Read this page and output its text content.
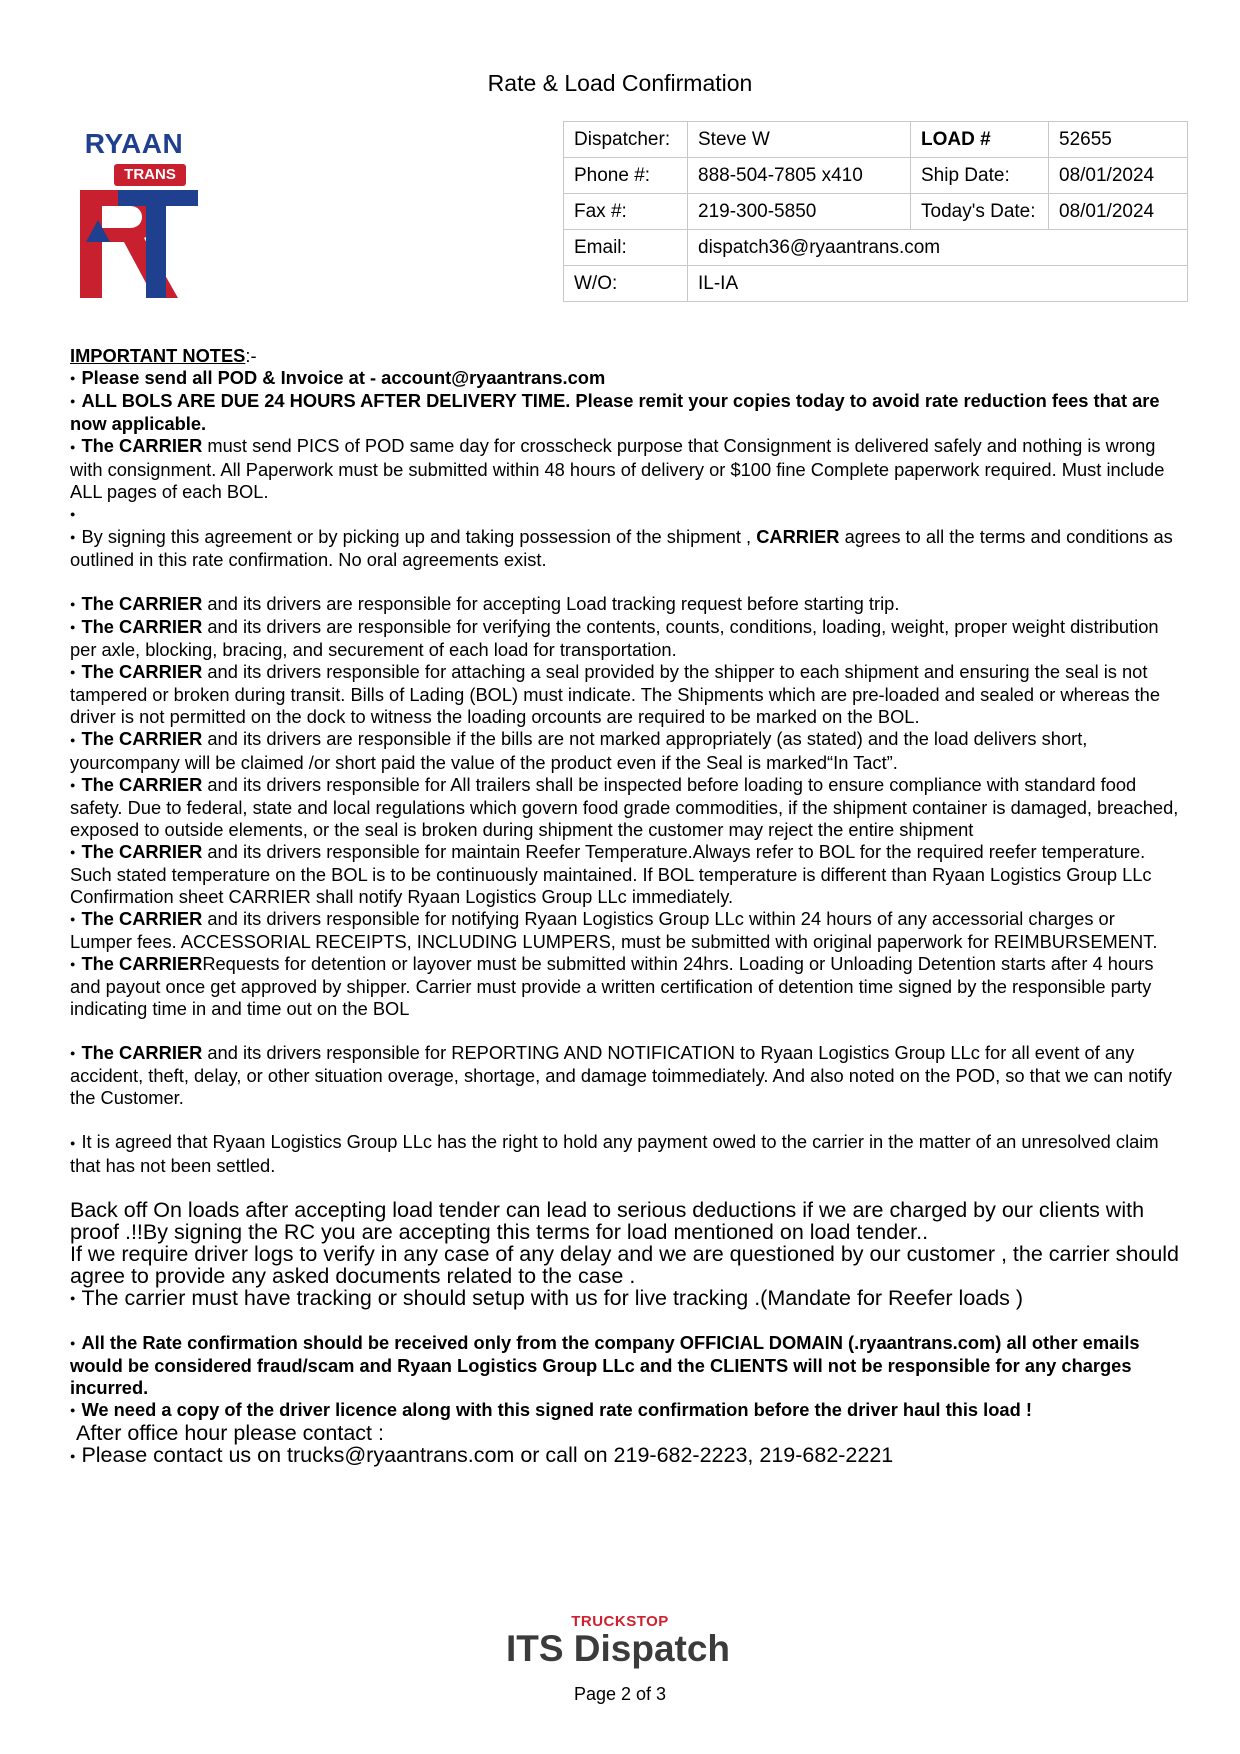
Rate & Load Confirmation
RYAAN
TRANS
Dispatcher:	Steve W	LOAD #	52655
Phone #:	888-504-7805 x410	Ship Date:	08/01/2024
Fax #:	219-300-5850	Today's Date:	08/01/2024
Email:	dispatch36@ryaantrans.com		
W/O:	IL-IA		

IMPORTANT NOTES:-

● Please send all POD & Invoice at - account@ryaantrans.com

● ALL BOLS ARE DUE 24 HOURS AFTER DELIVERY TIME. Please remit your copies today to avoid rate reduction fees that are now applicable.

● The CARRIER must send PICS of POD same day for crosscheck purpose that Consignment is delivered safely and nothing is wrong with consignment. All Paperwork must be submitted within 48 hours of delivery or $100 fine Complete paperwork required. Must include ALL pages of each BOL.

●

● By signing this agreement or by picking up and taking possession of the shipment , CARRIER agrees to all the terms and conditions as outlined in this rate confirmation. No oral agreements exist.

● The CARRIER and its drivers are responsible for accepting Load tracking request before starting trip.

● The CARRIER and its drivers are responsible for verifying the contents, counts, conditions, loading, weight, proper weight distribution per axle, blocking, bracing, and securement of each load for transportation.

● The CARRIER and its drivers responsible for attaching a seal provided by the shipper to each shipment and ensuring the seal is not tampered or broken during transit. Bills of Lading (BOL) must indicate. The Shipments which are pre-loaded and sealed or whereas the driver is not permitted on the dock to witness the loading orcounts are required to be marked on the BOL.

● The CARRIER and its drivers are responsible if the bills are not marked appropriately (as stated) and the load delivers short, yourcompany will be claimed /or short paid the value of the product even if the Seal is marked“In Tact”.

● The CARRIER and its drivers responsible for All trailers shall be inspected before loading to ensure compliance with standard food safety. Due to federal, state and local regulations which govern food grade commodities, if the shipment container is damaged, breached, exposed to outside elements, or the seal is broken during shipment the customer may reject the entire shipment

● The CARRIER and its drivers responsible for maintain Reefer Temperature.Always refer to BOL for the required reefer temperature. Such stated temperature on the BOL is to be continuously maintained. If BOL temperature is different than Ryaan Logistics Group LLc Confirmation sheet CARRIER shall notify Ryaan Logistics Group LLc immediately.

● The CARRIER and its drivers responsible for notifying Ryaan Logistics Group LLc within 24 hours of any accessorial charges or Lumper fees. ACCESSORIAL RECEIPTS, INCLUDING LUMPERS, must be submitted with original paperwork for REIMBURSEMENT.

● The CARRIERRequests for detention or layover must be submitted within 24hrs. Loading or Unloading Detention starts after 4 hours and payout once get approved by shipper. Carrier must provide a written certification of detention time signed by the responsible party indicating time in and time out on the BOL

● The CARRIER and its drivers responsible for REPORTING AND NOTIFICATION to Ryaan Logistics Group LLc for all event of any accident, theft, delay, or other situation overage, shortage, and damage toimmediately. And also noted on the POD, so that we can notify the Customer.

● It is agreed that Ryaan Logistics Group LLc has the right to hold any payment owed to the carrier in the matter of an unresolved claim that has not been settled.

Back off On loads after accepting load tender can lead to serious deductions if we are charged by our clients with proof .!!By signing the RC you are accepting this terms for load mentioned on load tender..

If we require driver logs to verify in any case of any delay and we are questioned by our customer , the carrier should agree to provide any asked documents related to the case .

● The carrier must have tracking or should setup with us for live tracking .(Mandate for Reefer loads )

● All the Rate confirmation should be received only from the company OFFICIAL DOMAIN (.ryaantrans.com) all other emails would be considered fraud/scam and Ryaan Logistics Group LLc and the CLIENTS will not be responsible for any charges incurred.

● We need a copy of the driver licence along with this signed rate confirmation before the driver haul this load !

After office hour please contact :

● Please contact us on trucks@ryaantrans.com or call on 219-682-2223, 219-682-2221

TRUCKSTOP
ITS Dispatch
Page 2 of 3
